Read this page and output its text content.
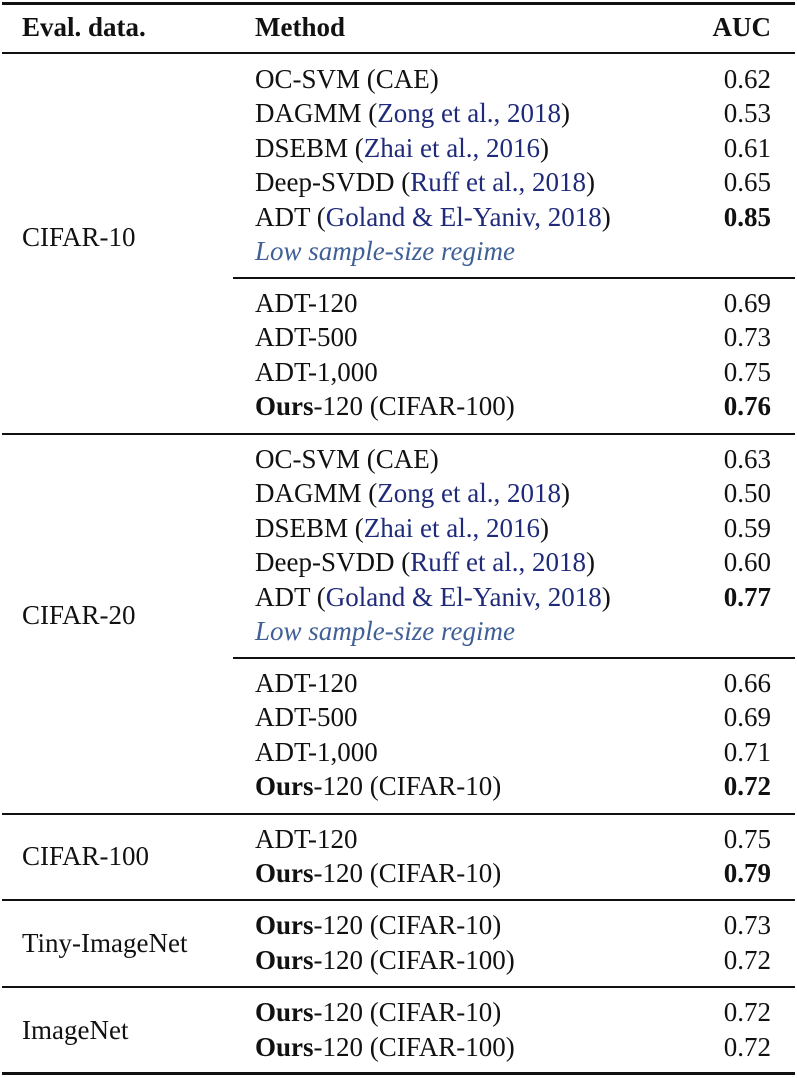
Eval. data.	Method	AUC
CIFAR-10
OC-SVM (CAE)	0.62
DAGMM (Zong et al., 2018)	0.53
DSEBM (Zhai et al., 2016)	0.61
Deep-SVDD (Ruff et al., 2018)	0.65
ADT (Goland & El-Yaniv, 2018)	0.85
Low sample-size regime
ADT-120	0.69
ADT-500	0.73
ADT-1,000	0.75
Ours-120 (CIFAR-100)	0.76
CIFAR-20
OC-SVM (CAE)	0.63
DAGMM (Zong et al., 2018)	0.50
DSEBM (Zhai et al., 2016)	0.59
Deep-SVDD (Ruff et al., 2018)	0.60
ADT (Goland & El-Yaniv, 2018)	0.77
Low sample-size regime
ADT-120	0.66
ADT-500	0.69
ADT-1,000	0.71
Ours-120 (CIFAR-10)	0.72
CIFAR-100
ADT-120	0.75
Ours-120 (CIFAR-10)	0.79
Tiny-ImageNet
Ours-120 (CIFAR-10)	0.73
Ours-120 (CIFAR-100)	0.72
ImageNet
Ours-120 (CIFAR-10)	0.72
Ours-120 (CIFAR-100)	0.72
